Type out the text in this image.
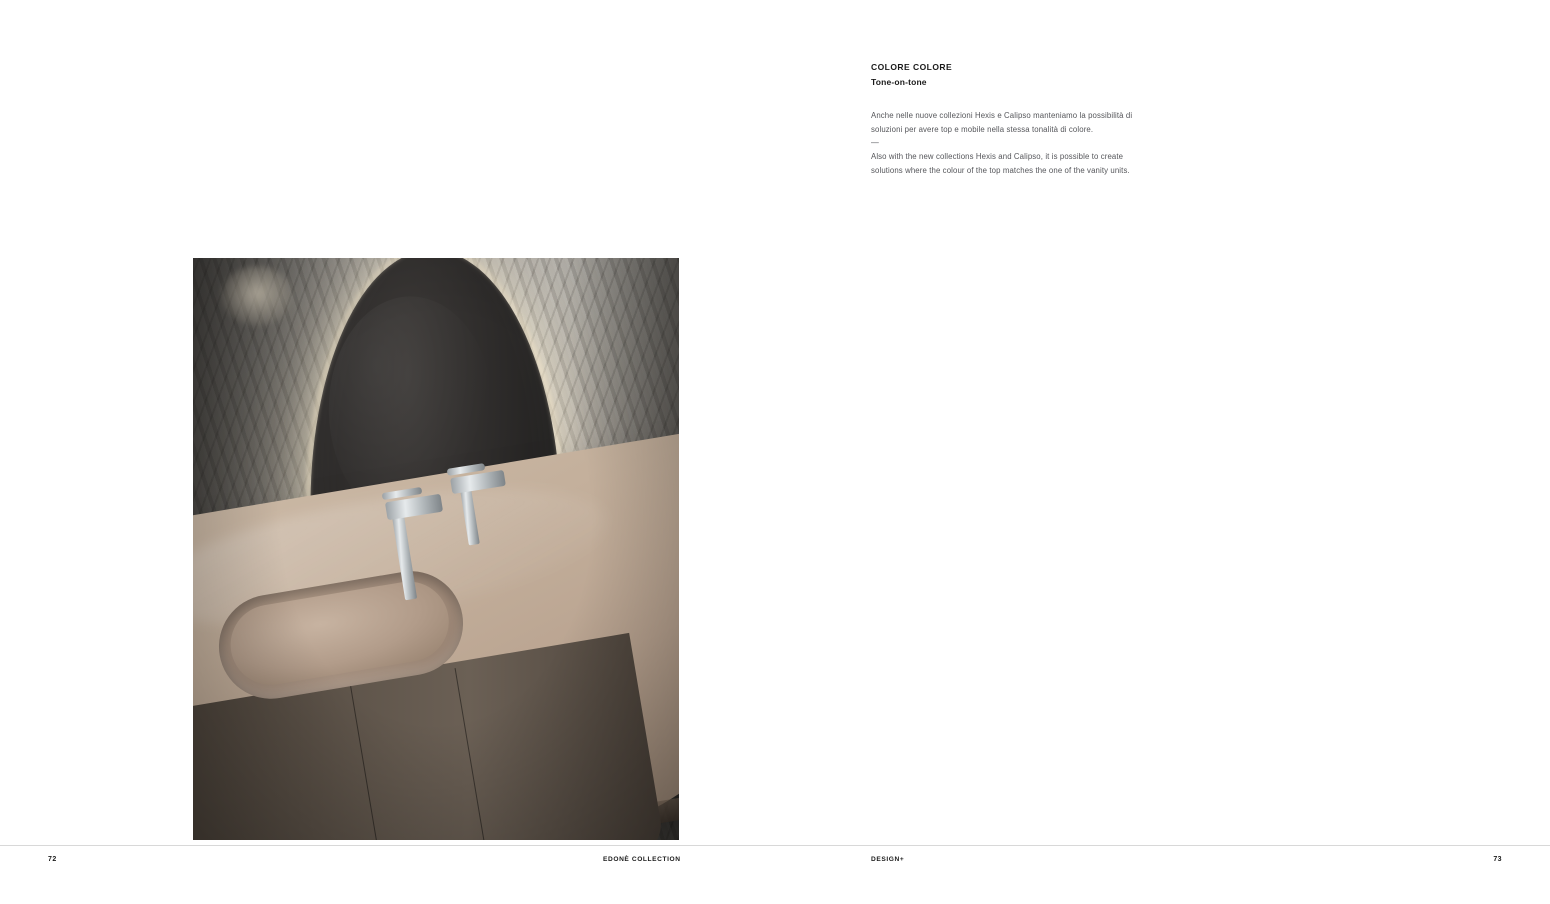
72	EDONÈ COLLECTION
COLORE COLORE
Tone-on-tone

Anche nelle nuove collezioni Hexis e Calipso manteniamo la possibilità di soluzioni per avere top e mobile nella stessa tonalità di colore.

—

Also with the new collections Hexis and Calipso, it is possible to create solutions where the colour of the top matches the one of the vanity units.

DESIGN+	73
